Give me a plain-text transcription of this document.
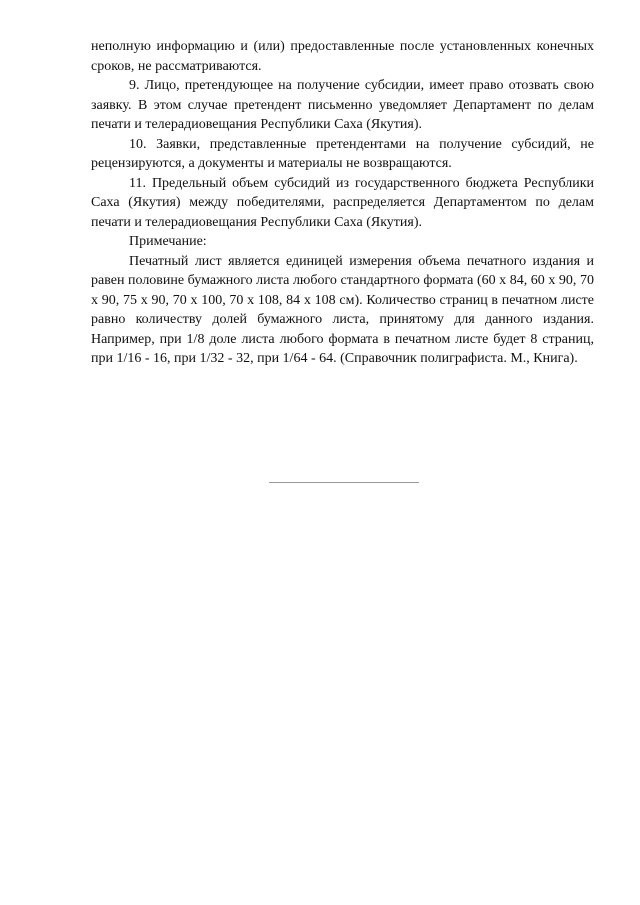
неполную информацию и (или) предоставленные после установленных конечных сроков, не рассматриваются.

9. Лицо, претендующее на получение субсидии, имеет право отозвать свою заявку. В этом случае претендент письменно уведомляет Департамент по делам печати и телерадиовещания Республики Саха (Якутия).

10. Заявки, представленные претендентами на получение субсидий, не рецензируются, а документы и материалы не возвращаются.

11. Предельный объем субсидий из государственного бюджета Республики Саха (Якутия) между победителями, распределяется Департаментом по делам печати и телерадиовещания Республики Саха (Якутия).

Примечание:

Печатный лист является единицей измерения объема печатного издания и равен половине бумажного листа любого стандартного формата (60 x 84, 60 x 90, 70 x 90, 75 x 90, 70 x 100, 70 x 108, 84 x 108 см). Количество страниц в печатном листе равно количеству долей бумажного листа, принятому для данного издания. Например, при 1/8 доле листа любого формата в печатном листе будет 8 страниц, при 1/16 - 16, при 1/32 - 32, при 1/64 - 64. (Справочник полиграфиста. М., Книга).
